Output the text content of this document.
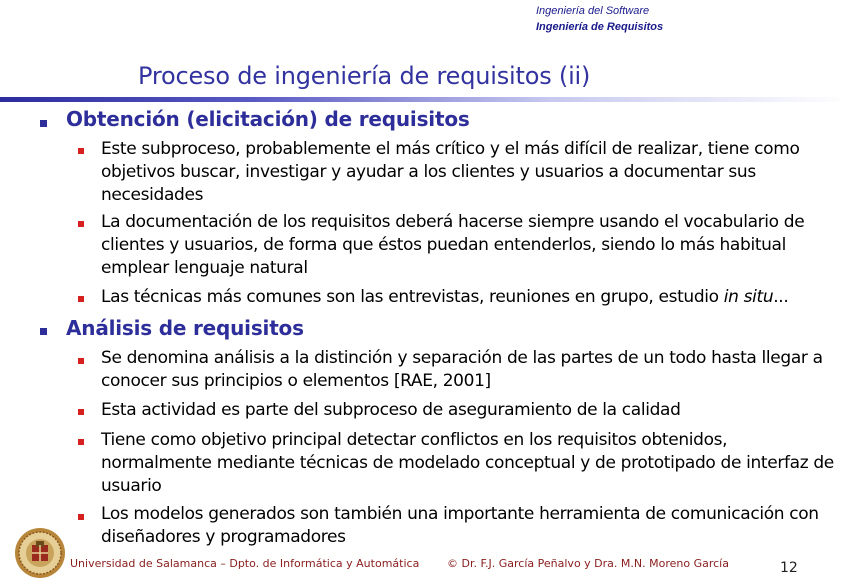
Ingeniería del Software
Ingeniería de Requisitos
Proceso de ingeniería de requisitos (ii)
Obtención (elicitación) de requisitos
Este subproceso, probablemente el más crítico y el más difícil de realizar, tiene como objetivos buscar, investigar y ayudar a los clientes y usuarios a documentar sus necesidades
La documentación de los requisitos deberá hacerse siempre usando el vocabulario de clientes y usuarios, de forma que éstos puedan entenderlos, siendo lo más habitual emplear lenguaje natural
Las técnicas más comunes son las entrevistas, reuniones en grupo, estudio in situ...
Análisis de requisitos
Se denomina análisis a la distinción y separación de las partes de un todo hasta llegar a conocer sus principios o elementos [RAE, 2001]
Esta actividad es parte del subproceso de aseguramiento de la calidad
Tiene como objetivo principal detectar conflictos en los requisitos obtenidos, normalmente mediante técnicas de modelado conceptual y de prototipado de interfaz de usuario
Los modelos generados son también una importante herramienta de comunicación con diseñadores y programadores
Universidad de Salamanca – Dpto. de Informática y Automática	© Dr. F.J. García Peñalvo y Dra. M.N. Moreno García	12
